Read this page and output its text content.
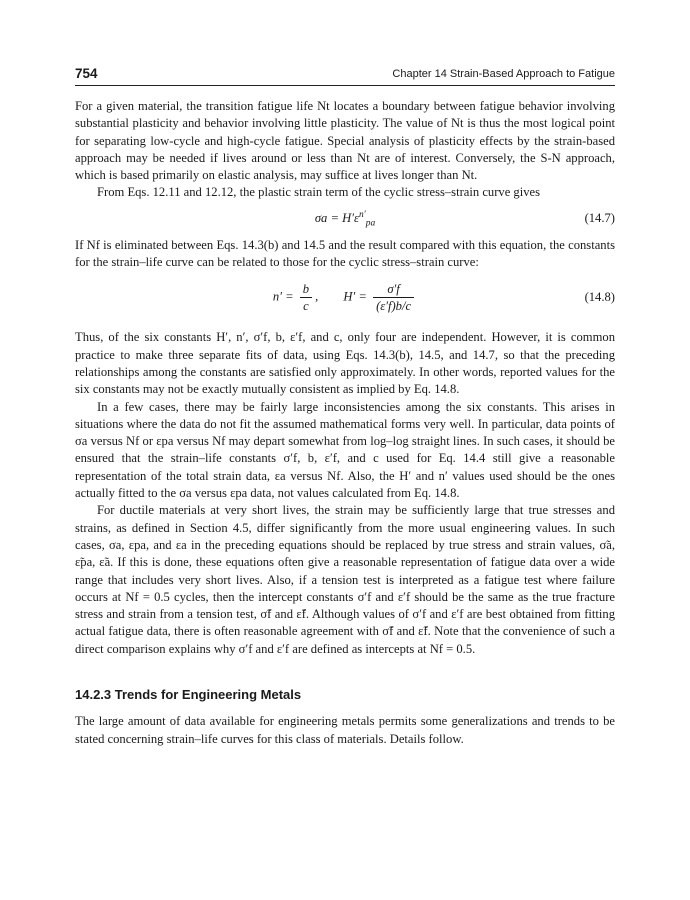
754	Chapter 14 Strain-Based Approach to Fatigue

For a given material, the transition fatigue life Nt locates a boundary between fatigue behavior involving substantial plasticity and behavior involving little plasticity. The value of Nt is thus the most logical point for separating low-cycle and high-cycle fatigue. Special analysis of plasticity effects by the strain-based approach may be needed if lives around or less than Nt are of interest. Conversely, the S-N approach, which is based primarily on elastic analysis, may suffice at lives longer than Nt.

From Eqs. 12.11 and 12.12, the plastic strain term of the cyclic stress–strain curve gives

$\sigma a = H'\varepsilon^{n'}_{pa}$	(14.7)

If Nf is eliminated between Eqs. 14.3(b) and 14.5 and the result compared with this equation, the constants for the strain–life curve can be related to those for the cyclic stress–strain curve:

$n' = \frac{b}{c}$ ,        $H' = \frac{\sigma'f}{(\varepsilon'f)b/c}$	(14.8)

Thus, of the six constants H′, n′, σ′f, b, ε′f, and c, only four are independent. However, it is common practice to make three separate fits of data, using Eqs. 14.3(b), 14.5, and 14.7, so that the preceding relationships among the constants are satisfied only approximately. In other words, reported values for the six constants may not be exactly mutually consistent as implied by Eq. 14.8.

In a few cases, there may be fairly large inconsistencies among the six constants. This arises in situations where the data do not fit the assumed mathematical forms very well. In particular, data points of σa versus Nf or εpa versus Nf may depart somewhat from log–log straight lines. In such cases, it should be ensured that the strain–life constants σ′f, b, ε′f, and c used for Eq. 14.4 still give a reasonable representation of the total strain data, εa versus Nf. Also, the H′ and n′ values used should be the ones actually fitted to the σa versus εpa data, not values calculated from Eq. 14.8.

For ductile materials at very short lives, the strain may be sufficiently large that true stresses and strains, as defined in Section 4.5, differ significantly from the more usual engineering values. In such cases, σa, εpa, and εa in the preceding equations should be replaced by true stress and strain values, σ̃a, ε̃pa, ε̃a. If this is done, these equations often give a reasonable representation of fatigue data over a wide range that includes very short lives. Also, if a tension test is interpreted as a fatigue test where failure occurs at Nf = 0.5 cycles, then the intercept constants σ′f and ε′f should be the same as the true fracture stress and strain from a tension test, σ̃f and ε̃f. Although values of σ′f and ε′f are best obtained from fitting actual fatigue data, there is often reasonable agreement with σ̃f and ε̃f. Note that the convenience of such a direct comparison explains why σ′f and ε′f are defined as intercepts at Nf = 0.5.

14.2.3 Trends for Engineering Metals

The large amount of data available for engineering metals permits some generalizations and trends to be stated concerning strain–life curves for this class of materials. Details follow.
